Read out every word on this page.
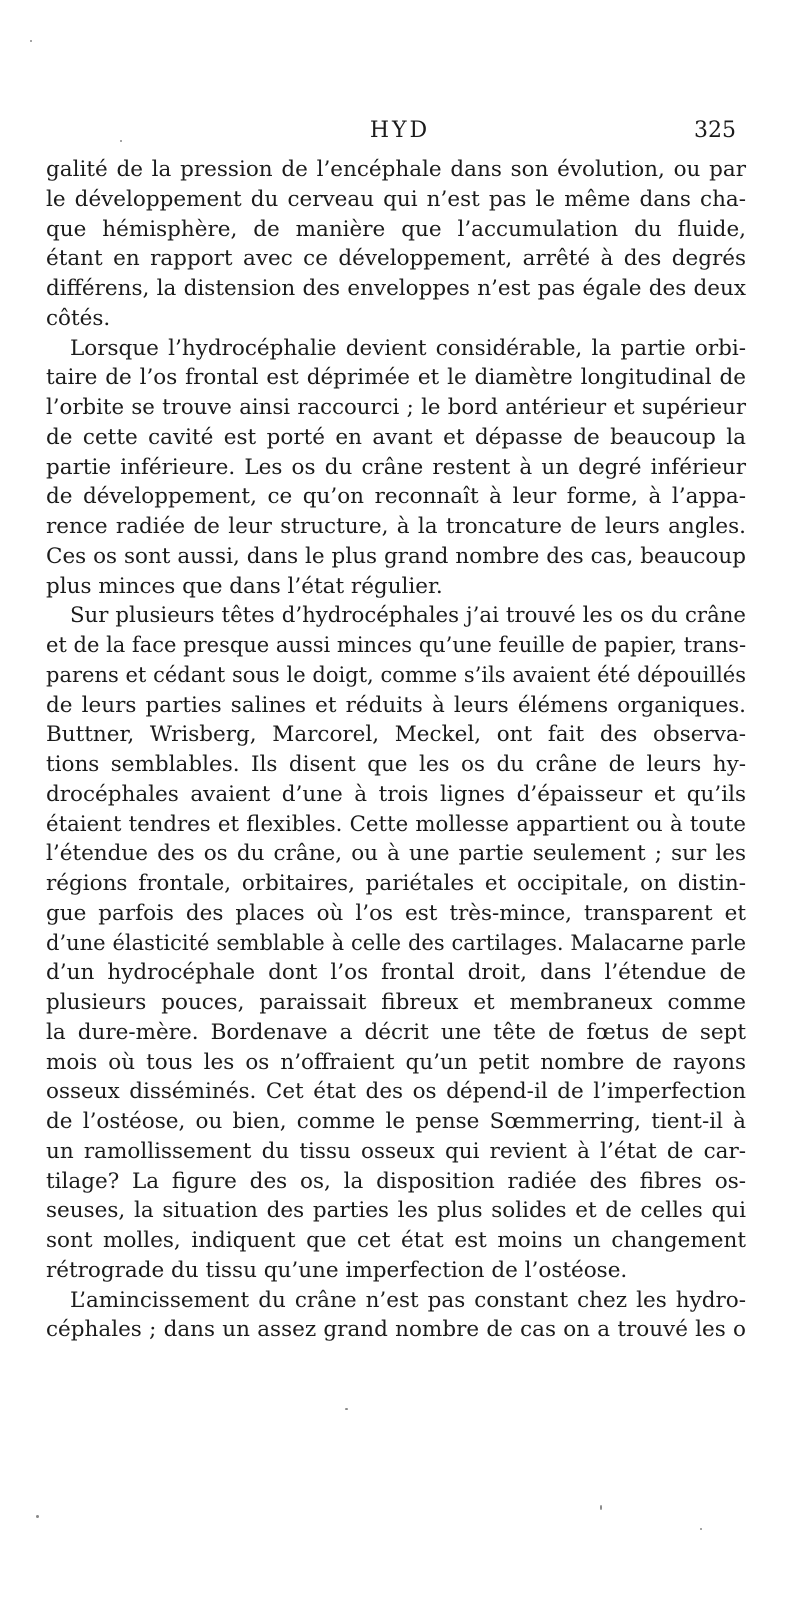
HYD	325
galité de la pression de l’encéphale dans son évolution, ou par
le développement du cerveau qui n’est pas le même dans cha-
que hémisphère, de manière que l’accumulation du fluide,
étant en rapport avec ce développement, arrêté à des degrés
différens, la distension des enveloppes n’est pas égale des deux
côtés.
Lorsque l’hydrocéphalie devient considérable, la partie orbi-
taire de l’os frontal est déprimée et le diamètre longitudinal de
l’orbite se trouve ainsi raccourci ; le bord antérieur et supérieur
de cette cavité est porté en avant et dépasse de beaucoup la
partie inférieure. Les os du crâne restent à un degré inférieur
de développement, ce qu’on reconnaît à leur forme, à l’appa-
rence radiée de leur structure, à la troncature de leurs angles.
Ces os sont aussi, dans le plus grand nombre des cas, beaucoup
plus minces que dans l’état régulier.
Sur plusieurs têtes d’hydrocéphales j’ai trouvé les os du crâne
et de la face presque aussi minces qu’une feuille de papier, trans-
parens et cédant sous le doigt, comme s’ils avaient été dépouillés
de leurs parties salines et réduits à leurs élémens organiques.
Buttner, Wrisberg, Marcorel, Meckel, ont fait des observa-
tions semblables. Ils disent que les os du crâne de leurs hy-
drocéphales avaient d’une à trois lignes d’épaisseur et qu’ils
étaient tendres et flexibles. Cette mollesse appartient ou à toute
l’étendue des os du crâne, ou à une partie seulement ; sur les
régions frontale, orbitaires, pariétales et occipitale, on distin-
gue parfois des places où l’os est très-mince, transparent et
d’une élasticité semblable à celle des cartilages. Malacarne parle
d’un hydrocéphale dont l’os frontal droit, dans l’étendue de
plusieurs pouces, paraissait fibreux et membraneux comme
la dure-mère. Bordenave a décrit une tête de fœtus de sept
mois où tous les os n’offraient qu’un petit nombre de rayons
osseux disséminés. Cet état des os dépend-il de l’imperfection
de l’ostéose, ou bien, comme le pense Sœmmerring, tient-il à
un ramollissement du tissu osseux qui revient à l’état de car-
tilage? La figure des os, la disposition radiée des fibres os-
seuses, la situation des parties les plus solides et de celles qui
sont molles, indiquent que cet état est moins un changement
rétrograde du tissu qu’une imperfection de l’ostéose.
L’amincissement du crâne n’est pas constant chez les hydro-
céphales ; dans un assez grand nombre de cas on a trouvé les o
